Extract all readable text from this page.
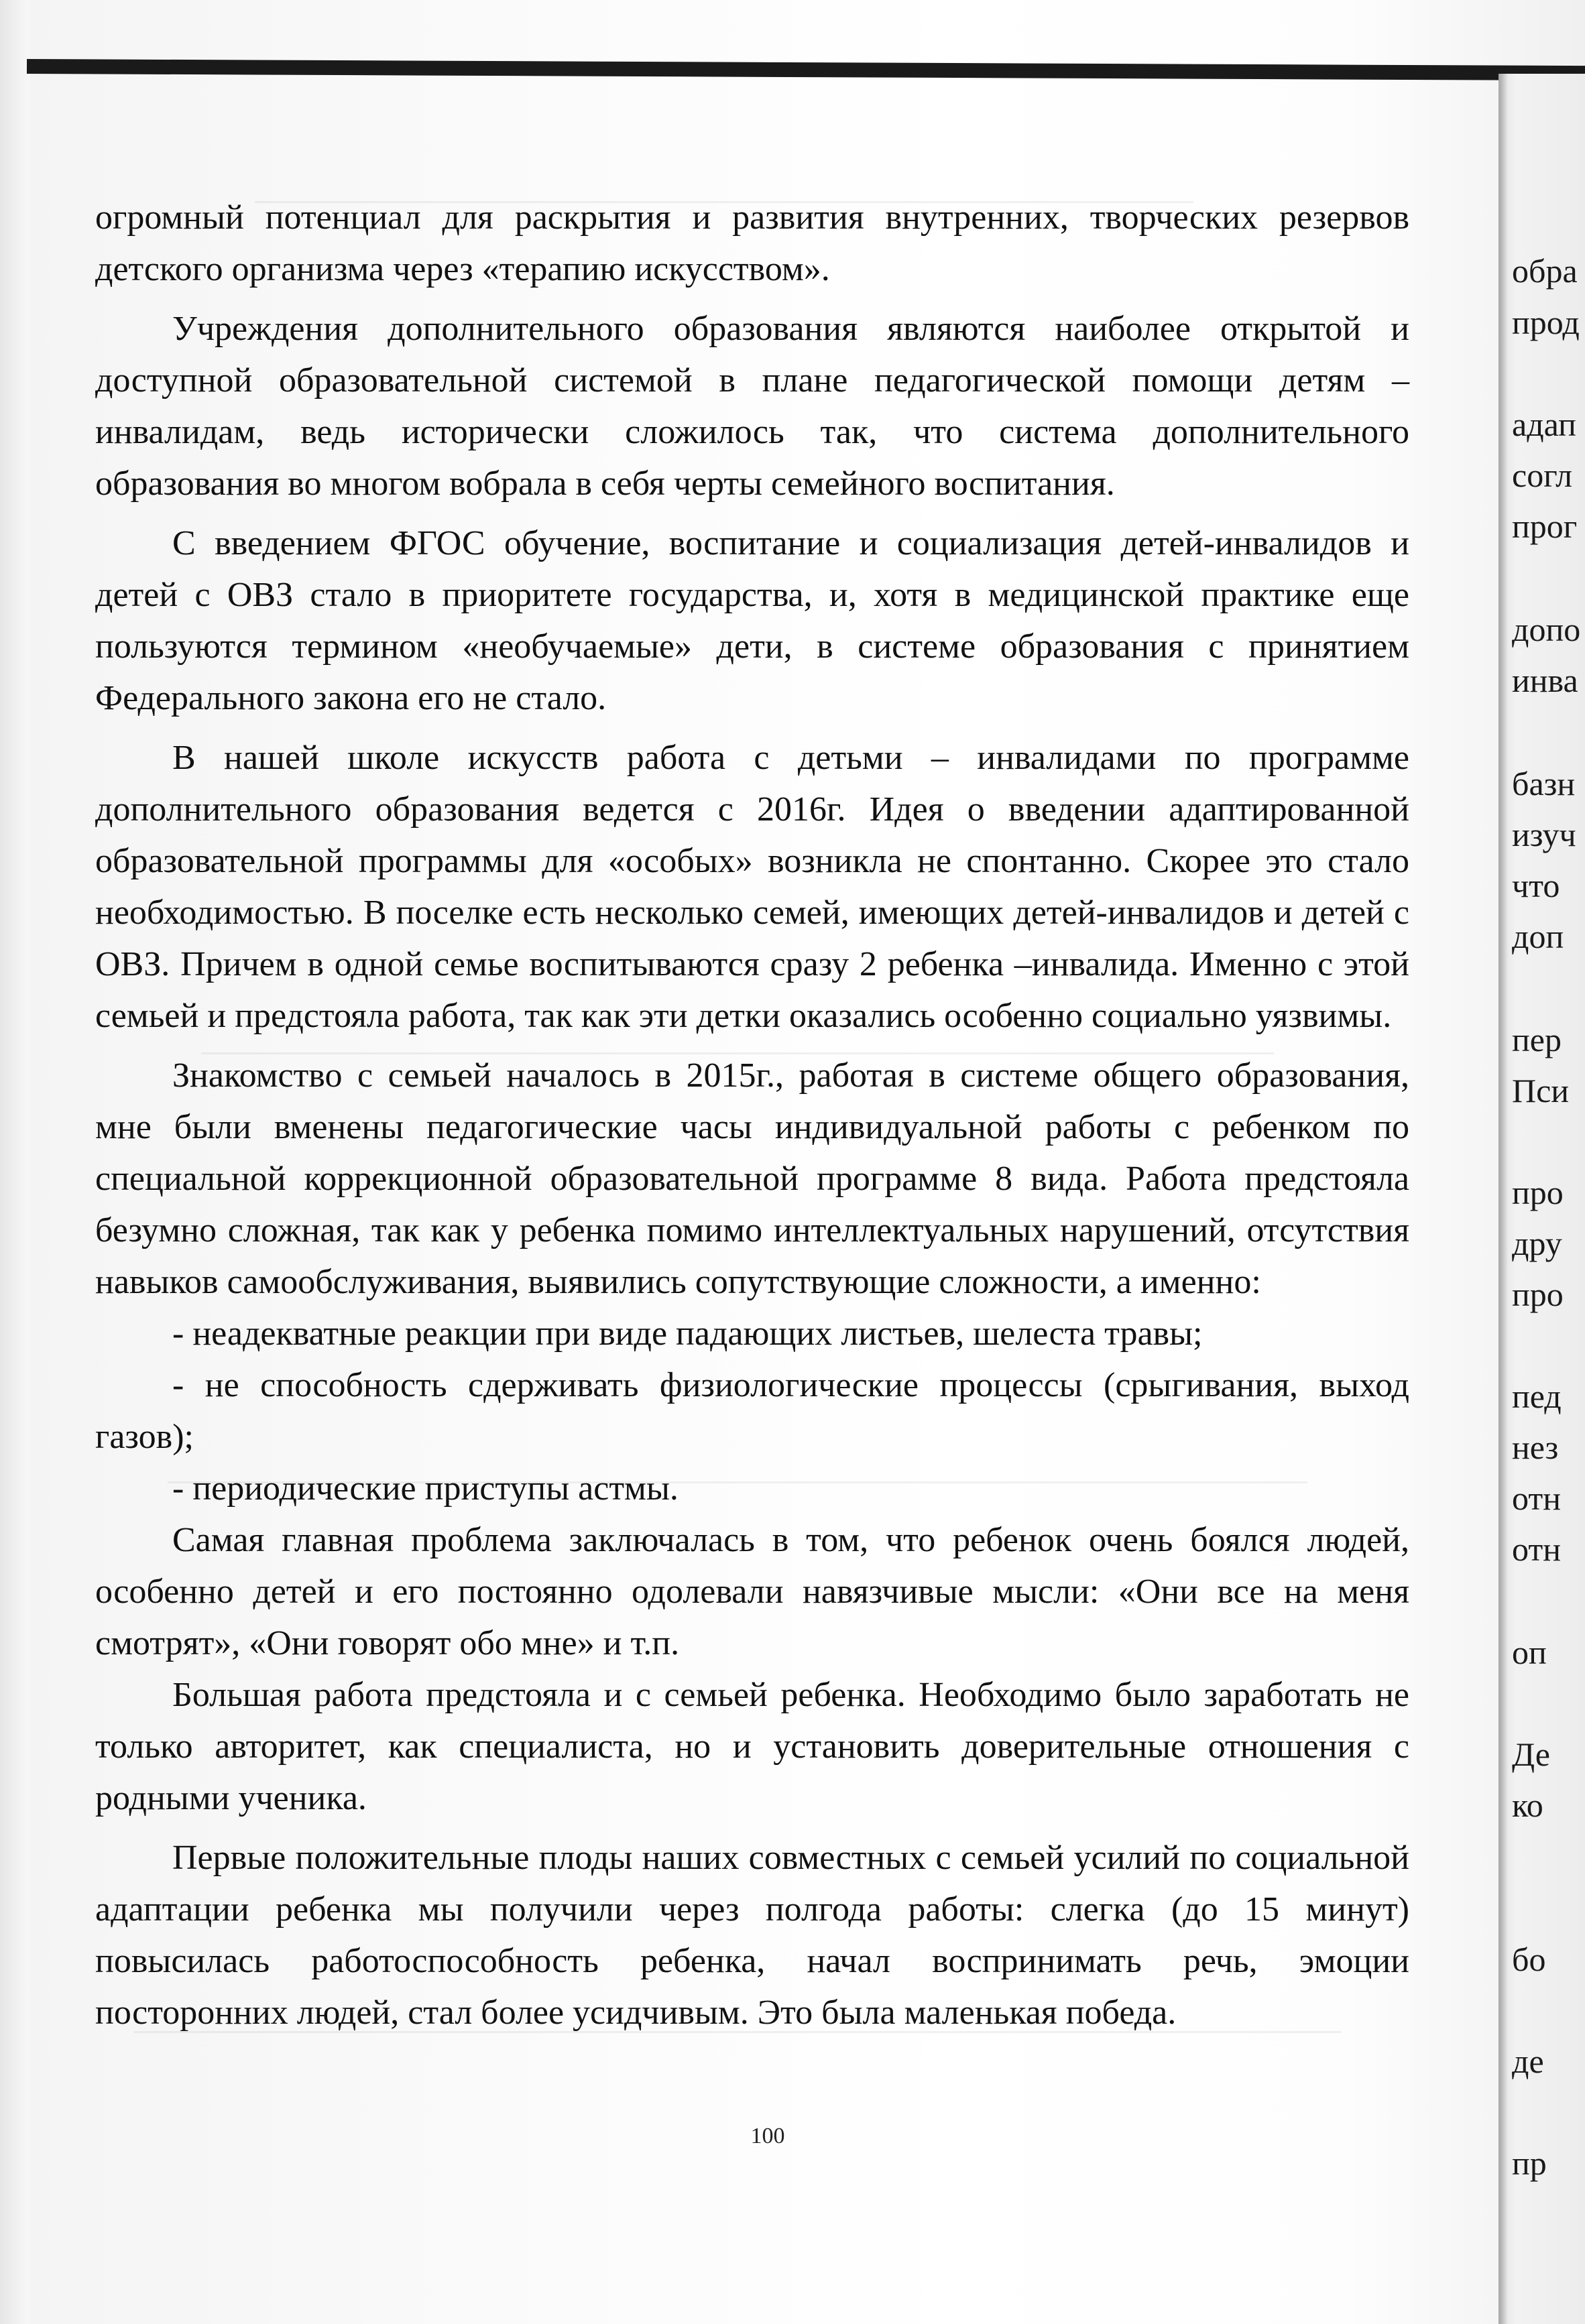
огромный потенциал для раскрытия и развития внутренних, творческих резервов детского организма через «терапию искусством».

Учреждения дополнительного образования являются наиболее открытой и доступной образовательной системой в плане педагогической помощи детям – инвалидам, ведь исторически сложилось так, что система дополнительного образования во многом вобрала в себя черты семейного воспитания.

С введением ФГОС обучение, воспитание и социализация детей-инвалидов и детей с ОВЗ стало в приоритете государства, и, хотя в медицинской практике еще пользуются термином «необучаемые» дети, в системе образования с принятием Федерального закона его не стало.

В нашей школе искусств работа с детьми – инвалидами по программе дополнительного образования ведется с 2016г. Идея о введении адаптированной образовательной программы для «особых» возникла не спонтанно. Скорее это стало необходимостью. В поселке есть несколько семей, имеющих детей-инвалидов и детей с ОВЗ. Причем в одной семье воспитываются сразу 2 ребенка –инвалида. Именно с этой семьей и предстояла работа, так как эти детки оказались особенно социально уязвимы.

Знакомство с семьей началось в 2015г., работая в системе общего образования, мне были вменены педагогические часы индивидуальной работы с ребенком по специальной коррекционной образовательной программе 8 вида. Работа предстояла безумно сложная, так как у ребенка помимо интеллектуальных нарушений, отсутствия навыков самообслуживания, выявились сопутствующие сложности, а именно:

- неадекватные реакции при виде падающих листьев, шелеста травы;

- не способность сдерживать физиологические процессы (срыгивания, выход газов);

- периодические приступы астмы.

Самая главная проблема заключалась в том, что ребенок очень боялся людей, особенно детей и его постоянно одолевали навязчивые мысли: «Они все на меня смотрят», «Они говорят обо мне» и т.п.

Большая работа предстояла и с семьей ребенка. Необходимо было заработать не только авторитет, как специалиста, но и установить доверительные отношения с родными ученика.

Первые положительные плоды наших совместных с семьей усилий по социальной адаптации ребенка мы получили через полгода работы: слегка (до 15 минут) повысилась работоспособность ребенка, начал воспринимать речь, эмоции посторонних людей, стал более усидчивым. Это была маленькая победа.

100
обра
прод
адап
согл
прог
допо
инва
базн
изуч
что
доп
пер
Пси
про
дру
про
пед
нез
отн
отн
оп
Де
ко
бо
де
пр
